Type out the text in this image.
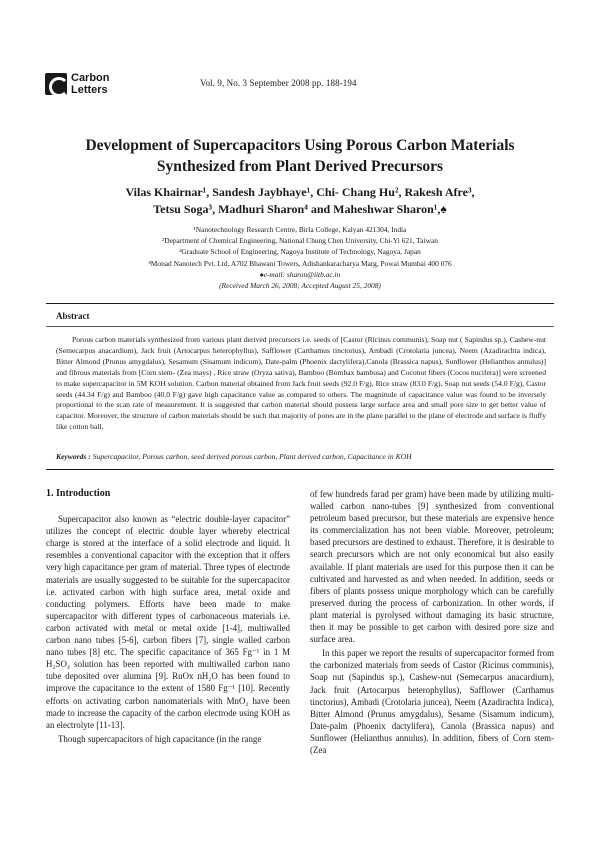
Carbon
Letters
Vol. 9, No. 3 September 2008 pp. 188-194
Development of Supercapacitors Using Porous Carbon Materials
Synthesized from Plant Derived Precursors
Vilas Khairnar¹, Sandesh Jaybhaye¹, Chi- Chang Hu², Rakesh Afre³,
Tetsu Soga³, Madhuri Sharon⁴ and Maheshwar Sharon¹,♠
¹Nanotechnology Research Centre, Birla College, Kalyan 421304, India
²Department of Chemical Engineering, National Chung Chen University, Chi-Yi 621, Taiwan
³Graduate School of Engineering, Nagoya Institute of Technology, Nagoya, Japan
⁴Monad Nanotech Pvt. Ltd, A702 Bhawani Towers, Adishankaracharya Marg, Powai Mumbai 400 076
♠e-mail: sharon@iitb.ac.in
(Received March 26, 2008; Accepted August 25, 2008)
Abstract
Porous carbon materials synthesized from various plant derived precursors i.e. seeds of [Castor (Ricinus communis), Soap nut ( Sapindus sp.), Cashew-nut (Semecarpus anacardium), Jack fruit (Artocarpus heterophyllus), Safflower (Carthamus tinctorius), Ambadi (Crotolaria juncea), Neem (Azadirachta indica), Bitter Almond (Prunus amygdalus), Sesamum (Sisamum indicum), Date-palm (Phoenix dactylifera),Canola (Brassica napus), Sunflower (Helianthus annulus)] and fibrous materials from [Corn stem- (Zea mays) , Rice straw (Oryza sativa), Bamboo (Bombax bambusa) and Coconut fibers (Cocos nucifera)] were screened to make supercapacitor in 5M KOH solution. Carbon material obtained from Jack fruit seeds (92.0 F/g), Rice straw (83.0 F/g), Soap nut seeds (54.0 F/g), Castor seeds (44.34 F/g) and Bamboo (40.0 F/g) gave high capacitance value as compared to others. The magnitude of capacitance value was found to be inversely proportional to the scan rate of measurement. It is suggested that carbon material should possess large surface area and small pore size to get better value of capacitor. Moreover, the structure of carbon materials should be such that majority of pores are in the plane parallel to the plane of electrode and surface is fluffy like cotton ball.
Keywords : Supercapacitor, Porous carbon, seed derived porous carbon, Plant derived carbon, Capacitance in KOH
1. Introduction

Supercapacitor also known as “electric double-layer capacitor” utilizes the concept of electric double layer whereby electrical charge is stored at the interface of a solid electrode and liquid. It resembles a conventional capacitor with the exception that it offers very high capacitance per gram of material. Three types of electrode materials are usually suggested to be suitable for the supercapacitor i.e. activated carbon with high surface area, metal oxide and conducting polymers. Efforts have been made to make supercapacitor with different types of carbonaceous materials i.e. carbon activated with metal or metal oxide [1-4], multiwalled carbon nano tubes [5-6], carbon fibers [7], single walled carbon nano tubes [8] etc. The specific capacitance of 365 Fg⁻¹ in 1 M H₂SO₄ solution has been reported with multiwalled carbon nano tube deposited over alumina [9]. RuOx nH₂O has been found to improve the capacitance to the extent of 1580 Fg⁻¹ [10]. Recently efforts on activating carbon nanomaterials with MnO₂ have been made to increase the capacity of the carbon electrode using KOH as an electrolyte [11-13].

Though supercapacitors of high capacitance (in the range

of few hundreds farad per gram) have been made by utilizing multi-walled carbon nano-tubes [9] synthesized from conventional petroleum based precursor, but these materials are expensive hence its commercialization has not been viable. Moreover, petroleum; based precursors are destined to exhaust. Therefore, it is desirable to search precursors which are not only economical but also easily available. If plant materials are used for this purpose then it can be cultivated and harvested as and when needed. In addition, seeds or fibers of plants possess unique morphology which can be carefully preserved during the process of carbonization. In other words, if plant material is pyrolysed without damaging its basic structure, then it may be possible to get carbon with desired pore size and surface area.

In this paper we report the results of supercapacitor formed from the carbonized materials from seeds of Castor (Ricinus communis), Soap nut (Sapindus sp.), Cashew-nut (Semecarpus anacardium), Jack fruit (Artocarpus heterophyllus), Safflower (Carthamus tinctorius), Ambadi (Crotolaria juncea), Neem (Azadirachta Indica), Bitter Almond (Prunus amygdalus), Sesame (Sisamum indicum), Date-palm (Phoenix dactylifera), Canola (Brassica napus) and Sunflower (Helianthus annulus). In addition, fibers of Corn stem- (Zea
